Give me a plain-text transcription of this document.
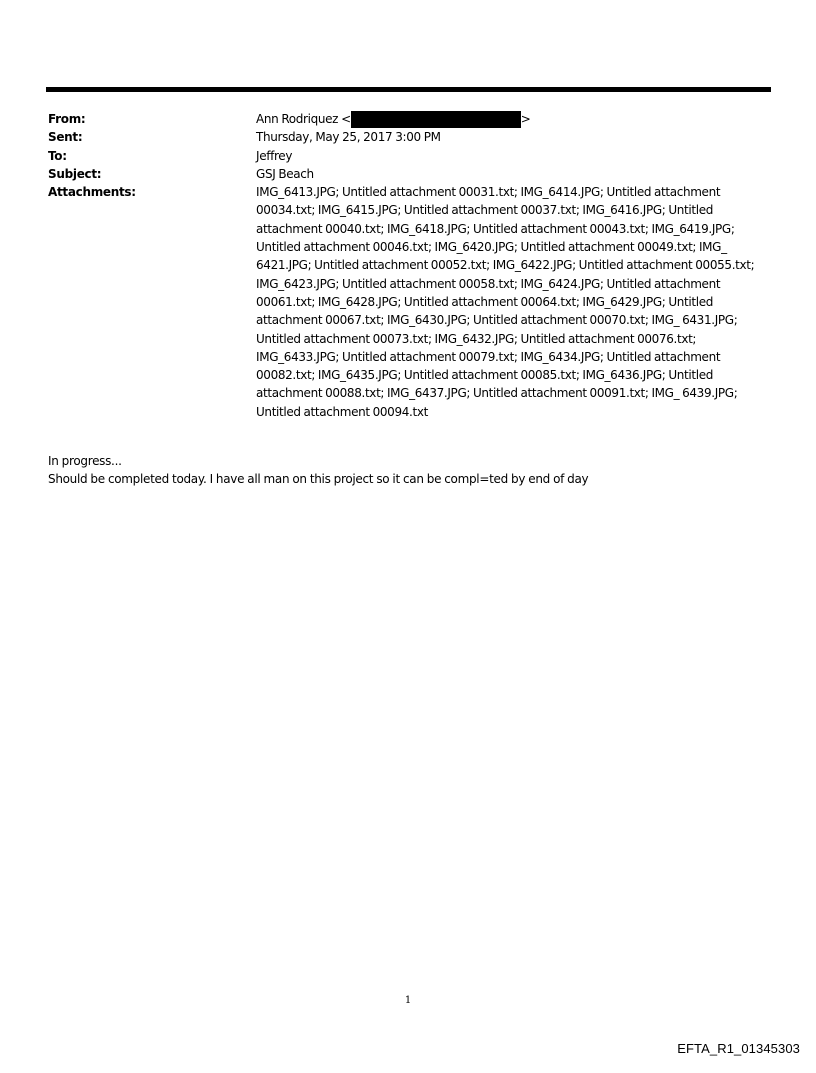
From:	Ann Rodriquez <	>
Sent:	Thursday, May 25, 2017 3:00 PM
To:	Jeffrey
Subject:	GSJ Beach
Attachments:	IMG_6413.JPG; Untitled attachment 00031.txt; IMG_6414.JPG; Untitled attachment 00034.txt; IMG_6415.JPG; Untitled attachment 00037.txt; IMG_6416.JPG; Untitled attachment 00040.txt; IMG_6418.JPG; Untitled attachment 00043.txt; IMG_6419.JPG; Untitled attachment 00046.txt; IMG_6420.JPG; Untitled attachment 00049.txt; IMG_ 6421.JPG; Untitled attachment 00052.txt; IMG_6422.JPG; Untitled attachment 00055.txt; IMG_6423.JPG; Untitled attachment 00058.txt; IMG_6424.JPG; Untitled attachment 00061.txt; IMG_6428.JPG; Untitled attachment 00064.txt; IMG_6429.JPG; Untitled attachment 00067.txt; IMG_6430.JPG; Untitled attachment 00070.txt; IMG_ 6431.JPG; Untitled attachment 00073.txt; IMG_6432.JPG; Untitled attachment 00076.txt; IMG_6433.JPG; Untitled attachment 00079.txt; IMG_6434.JPG; Untitled attachment 00082.txt; IMG_6435.JPG; Untitled attachment 00085.txt; IMG_6436.JPG; Untitled attachment 00088.txt; IMG_6437.JPG; Untitled attachment 00091.txt; IMG_ 6439.JPG; Untitled attachment 00094.txt

In progress...

Should be completed today. I have all man on this project so it can be compl=ted by end of day

1
EFTA_R1_01345303
